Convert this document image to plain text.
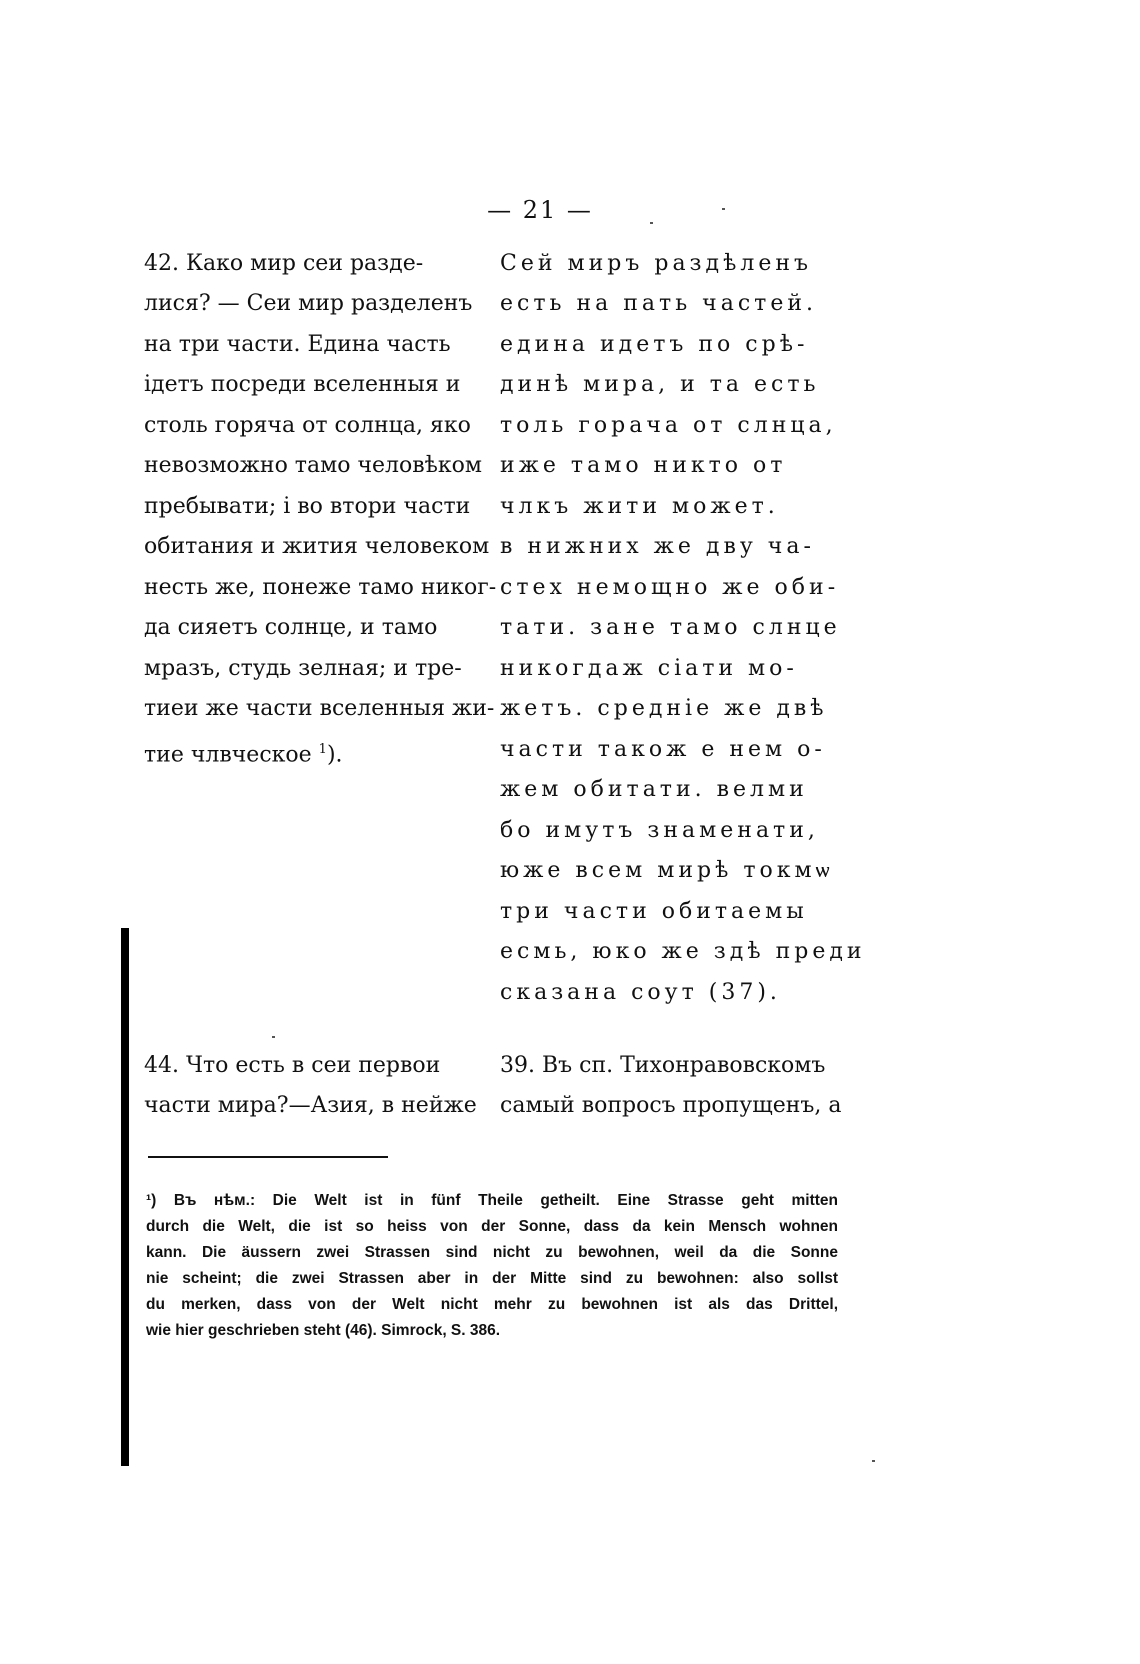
— 21 —
42. Како мир сеи разде-
лися? — Сеи мир разделенъ
на три части. Едина часть
ідетъ посреди вселенныя и
столь горяча от солнца, яко
невозможно тамо человѣком
пребывати; і во втори части
обитания и жития человеком
несть же, понеже тамо никог-
да сияетъ солнце, и тамо
мразъ, студь зелная; и тре-
тиеи же части вселенныя жи-
тие члвческое $^1$).
Сей миръ раздѣленъ
есть на пать частей.
едина идетъ по срѣ-
динѣ мира, и та есть
толь горача от слнца,
иже тамо никто от
члкъ жити может.
в нижних же дву ча-
стех немощно же оби-
тати. зане тамо слнце
никогдаж сіати мо-
жетъ. среднiе же двѣ
части також е нем о-
жем обитати. велми
бо имутъ знаменати,
юже всем мирѣ токмѡ
три части обитаемы
есмь, юко же здѣ преди
сказана соут (37).
44. Что есть в сеи первои
части мира?—Азия, в нейже
39. Въ сп. Тихонравовскомъ
самый вопросъ пропущенъ, а
¹) Въ нѣм.: Die Welt ist in fünf Theile getheilt. Eine Strasse geht mitten
durch die Welt, die ist so heiss von der Sonne, dass da kein Mensch wohnen
kann. Die äussern zwei Strassen sind nicht zu bewohnen, weil da die Sonne
nie scheint; die zwei Strassen aber in der Mitte sind zu bewohnen: also sollst
du merken, dass von der Welt nicht mehr zu bewohnen ist als das Drittel,
wie hier geschrieben steht (46). Simrock, S. 386.
